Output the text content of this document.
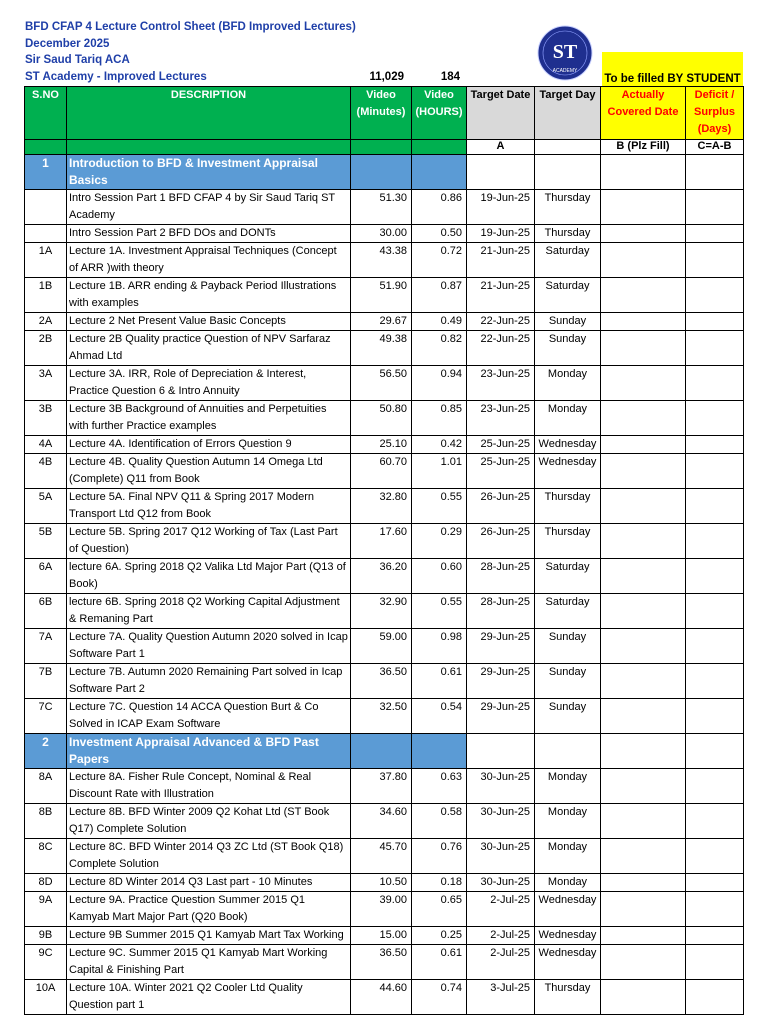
BFD CFAP 4 Lecture Control Sheet (BFD Improved Lectures)
December 2025
Sir Saud Tariq ACA
ST Academy - Improved Lectures	11,029	184
ST
ACADEMY
To be filled BY STUDENT
S.NO	DESCRIPTION	Video (Minutes)	Video (HOURS)	Target Date	Target Day	Actually Covered Date	Deficit / Surplus (Days)
				A		B (Plz Fill)	C=A-B
1	Introduction to BFD & Investment Appraisal Basics						
	Intro Session Part 1 BFD CFAP 4 by Sir Saud Tariq ST Academy	51.30	0.86	19-Jun-25	Thursday		
	Intro Session Part 2 BFD DOs and DONTs	30.00	0.50	19-Jun-25	Thursday		
1A	Lecture 1A. Investment Appraisal Techniques (Concept of ARR )with theory	43.38	0.72	21-Jun-25	Saturday		
1B	Lecture 1B. ARR ending & Payback Period Illustrations with examples	51.90	0.87	21-Jun-25	Saturday		
2A	Lecture 2 Net Present Value Basic Concepts	29.67	0.49	22-Jun-25	Sunday		
2B	Lecture 2B Quality practice Question of NPV Sarfaraz Ahmad Ltd	49.38	0.82	22-Jun-25	Sunday		
3A	Lecture 3A. IRR, Role of Depreciation & Interest, Practice Question 6 & Intro Annuity	56.50	0.94	23-Jun-25	Monday		
3B	Lecture 3B Background of Annuities and Perpetuities with further Practice examples	50.80	0.85	23-Jun-25	Monday		
4A	Lecture 4A. Identification of Errors Question 9	25.10	0.42	25-Jun-25	Wednesday		
4B	Lecture 4B. Quality Question Autumn 14 Omega Ltd (Complete) Q11 from Book	60.70	1.01	25-Jun-25	Wednesday		
5A	Lecture 5A. Final NPV Q11 & Spring 2017 Modern Transport Ltd Q12 from Book	32.80	0.55	26-Jun-25	Thursday		
5B	Lecture 5B. Spring 2017 Q12 Working of Tax (Last Part of Question)	17.60	0.29	26-Jun-25	Thursday		
6A	lecture 6A. Spring 2018 Q2 Valika Ltd Major Part (Q13 of Book)	36.20	0.60	28-Jun-25	Saturday		
6B	lecture 6B. Spring 2018 Q2 Working Capital Adjustment & Remaning Part	32.90	0.55	28-Jun-25	Saturday		
7A	Lecture 7A. Quality Question Autumn 2020 solved in Icap Software Part 1	59.00	0.98	29-Jun-25	Sunday		
7B	Lecture 7B. Autumn 2020 Remaining Part solved in Icap Software Part 2	36.50	0.61	29-Jun-25	Sunday		
7C	Lecture 7C. Question 14 ACCA Question Burt & Co Solved in ICAP Exam Software	32.50	0.54	29-Jun-25	Sunday		
2	Investment Appraisal Advanced & BFD Past Papers						
8A	Lecture 8A. Fisher Rule Concept, Nominal & Real Discount Rate with Illustration	37.80	0.63	30-Jun-25	Monday		
8B	Lecture 8B. BFD Winter 2009 Q2 Kohat Ltd (ST Book Q17) Complete Solution	34.60	0.58	30-Jun-25	Monday		
8C	Lecture 8C. BFD Winter 2014 Q3 ZC Ltd (ST Book Q18) Complete Solution	45.70	0.76	30-Jun-25	Monday		
8D	Lecture 8D Winter 2014 Q3 Last part - 10 Minutes	10.50	0.18	30-Jun-25	Monday		
9A	Lecture 9A. Practice Question Summer 2015 Q1 Kamyab Mart Major Part (Q20 Book)	39.00	0.65	2-Jul-25	Wednesday		
9B	Lecture 9B Summer 2015 Q1 Kamyab Mart Tax Working	15.00	0.25	2-Jul-25	Wednesday		
9C	Lecture 9C. Summer 2015 Q1 Kamyab Mart Working Capital & Finishing Part	36.50	0.61	2-Jul-25	Wednesday		
10A	Lecture 10A. Winter 2021 Q2 Cooler Ltd Quality Question part 1	44.60	0.74	3-Jul-25	Thursday		
